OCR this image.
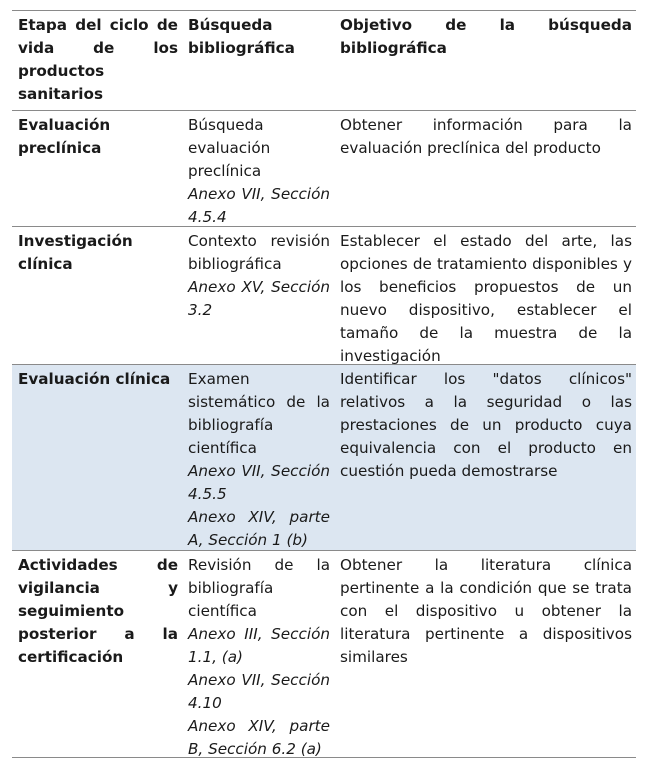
Etapa del ciclo de vida de los productos sanitarios
Búsqueda bibliográfica
Objetivo de la búsqueda bibliográfica
Evaluación preclínica
Búsqueda evaluación preclínica
Anexo VII, Sección 4.5.4
Obtener información para la evaluación preclínica del producto
Investigación clínica
Contexto revisión bibliográfica
Anexo XV, Sección 3.2
Establecer el estado del arte, las opciones de tratamiento disponibles y los beneficios propuestos de un nuevo dispositivo, establecer el tamaño de la muestra de la investigación
Evaluación clínica	Examen sistemático de la bibliografía científica
Anexo VII, Sección 4.5.5
Anexo XIV, parte A, Sección 1 (b)
Identificar los "datos clínicos" relativos a la seguridad o las prestaciones de un producto cuya equivalencia con el producto en cuestión pueda demostrarse
Actividades de vigilancia y seguimiento posterior a la certificación
Revisión de la bibliografía científica
Anexo III, Sección 1.1, (a)
Anexo VII, Sección 4.10
Anexo XIV, parte B, Sección 6.2 (a)
Obtener la literatura clínica pertinente a la condición que se trata con el dispositivo u obtener la literatura pertinente a dispositivos similares
